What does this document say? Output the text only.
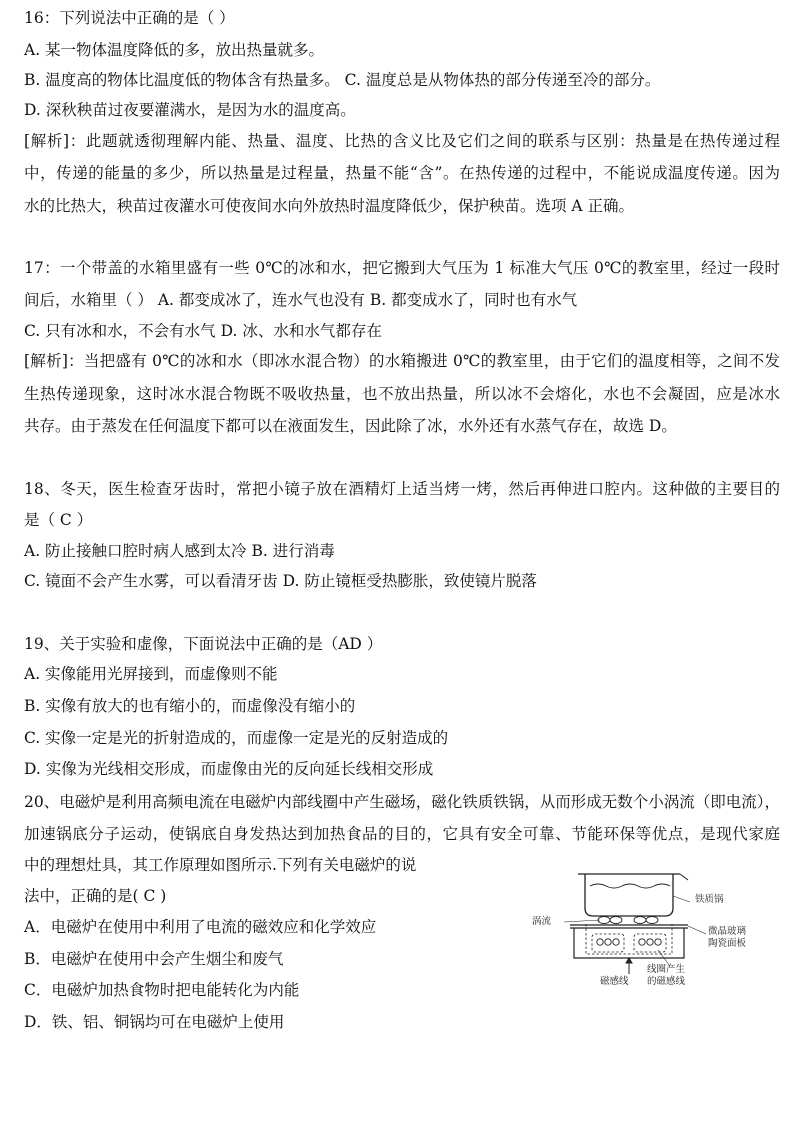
16：下列说法中正确的是（ ）
A. 某一物体温度降低的多，放出热量就多。
B. 温度高的物体比温度低的物体含有热量多。 C. 温度总是从物体热的部分传递至冷的部分。
D. 深秋秧苗过夜要灌满水，是因为水的温度高。
[解析]：此题就透彻理解内能、热量、温度、比热的含义比及它们之间的联系与区别：热量是在热传递过程
中，传递的能量的多少，所以热量是过程量，热量不能“含”。在热传递的过程中，不能说成温度传递。因为
水的比热大，秧苗过夜灌水可使夜间水向外放热时温度降低少，保护秧苗。选项 A 正确。
17：一个带盖的水箱里盛有一些 0℃的冰和水，把它搬到大气压为 1 标准大气压 0℃的教室里，经过一段时
间后，水箱里（ ） A. 都变成冰了，连水气也没有 B. 都变成水了，同时也有水气
C. 只有冰和水，不会有水气 D. 冰、水和水气都存在
[解析]：当把盛有 0℃的冰和水（即冰水混合物）的水箱搬进 0℃的教室里，由于它们的温度相等，之间不发
生热传递现象，这时冰水混合物既不吸收热量，也不放出热量，所以冰不会熔化，水也不会凝固，应是冰水
共存。由于蒸发在任何温度下都可以在液面发生，因此除了冰，水外还有水蒸气存在，故选 D。
18、冬天，医生检查牙齿时，常把小镜子放在酒精灯上适当烤一烤，然后再伸进口腔内。这种做的主要目的
是（ C ）
A. 防止接触口腔时病人感到太冷 B. 进行消毒
C. 镜面不会产生水雾，可以看清牙齿 D. 防止镜框受热膨胀，致使镜片脱落
19、关于实验和虚像，下面说法中正确的是（AD ）
A. 实像能用光屏接到，而虚像则不能
B. 实像有放大的也有缩小的，而虚像没有缩小的
C. 实像一定是光的折射造成的，而虚像一定是光的反射造成的
D. 实像为光线相交形成，而虚像由光的反向延长线相交形成
20、电磁炉是利用高频电流在电磁炉内部线圈中产生磁场，磁化铁质铁锅，从而形成无数个小涡流（即电流），
加速锅底分子运动，使锅底自身发热达到加热食品的目的，它具有安全可靠、节能环保等优点，是现代家庭
中的理想灶具，其工作原理如图所示.下列有关电磁炉的说
法中，正确的是( C )
A．电磁炉在使用中利用了电流的磁效应和化学效应
B．电磁炉在使用中会产生烟尘和废气
C．电磁炉加热食物时把电能转化为内能
D．铁、铝、铜锅均可在电磁炉上使用
铁质锅
涡流
微晶玻璃
陶瓷面板
线圈产生
的磁感线
磁感线
